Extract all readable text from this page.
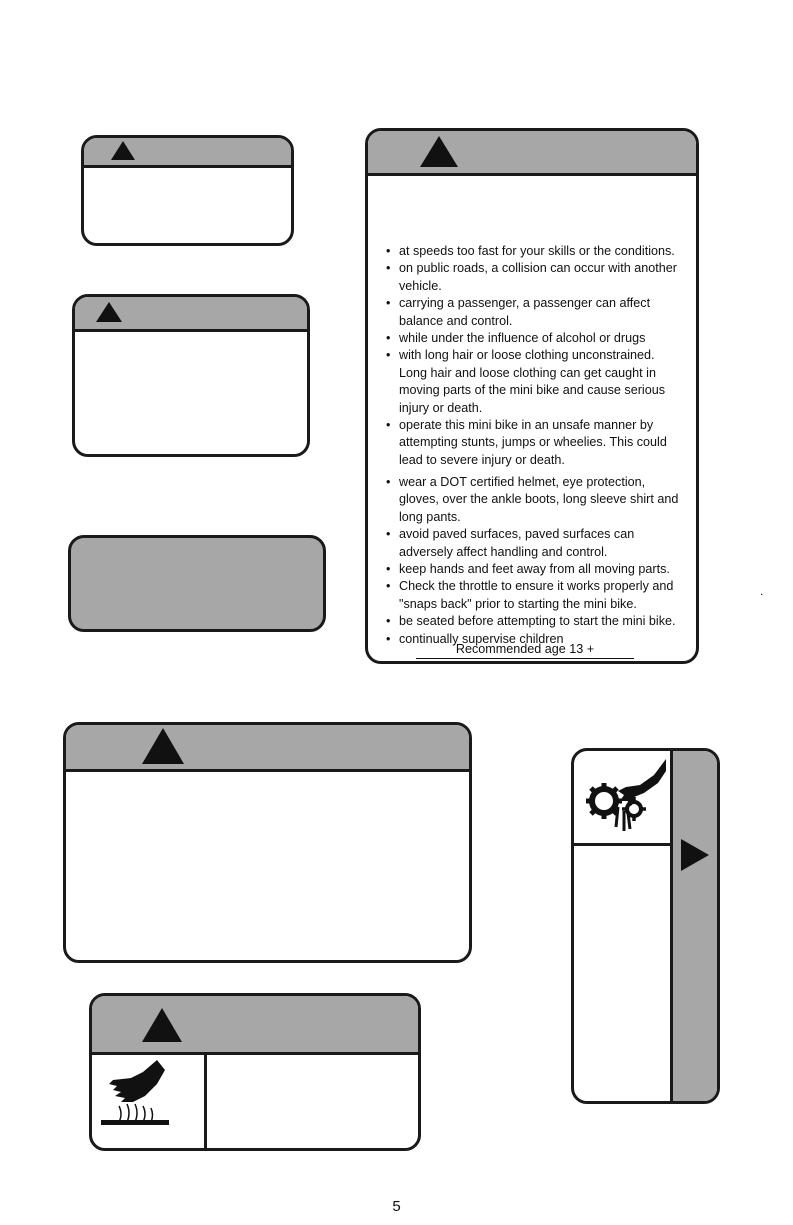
• at speeds too fast for your skills or the conditions.
• on public roads, a collision can occur with another vehicle.
• carrying a passenger, a passenger can affect balance and control.
• while under the influence of alcohol or drugs
• with long hair or loose clothing unconstrained. Long hair and loose clothing can get caught in moving parts of the mini bike and cause serious injury or death.
• operate this mini bike in an unsafe manner by attempting stunts, jumps or wheelies. This could lead to severe injury or death.
• wear a DOT certified helmet, eye protection, gloves, over the ankle boots, long sleeve shirt and long pants.
• avoid paved surfaces, paved surfaces can adversely affect handling and control.
• keep hands and feet away from all moving parts.
• Check the throttle to ensure it works properly and "snaps back" prior to starting the mini bike.
• be seated before attempting to start the mini bike.
• continually supervise children
Recommended age 13 +
.
5
